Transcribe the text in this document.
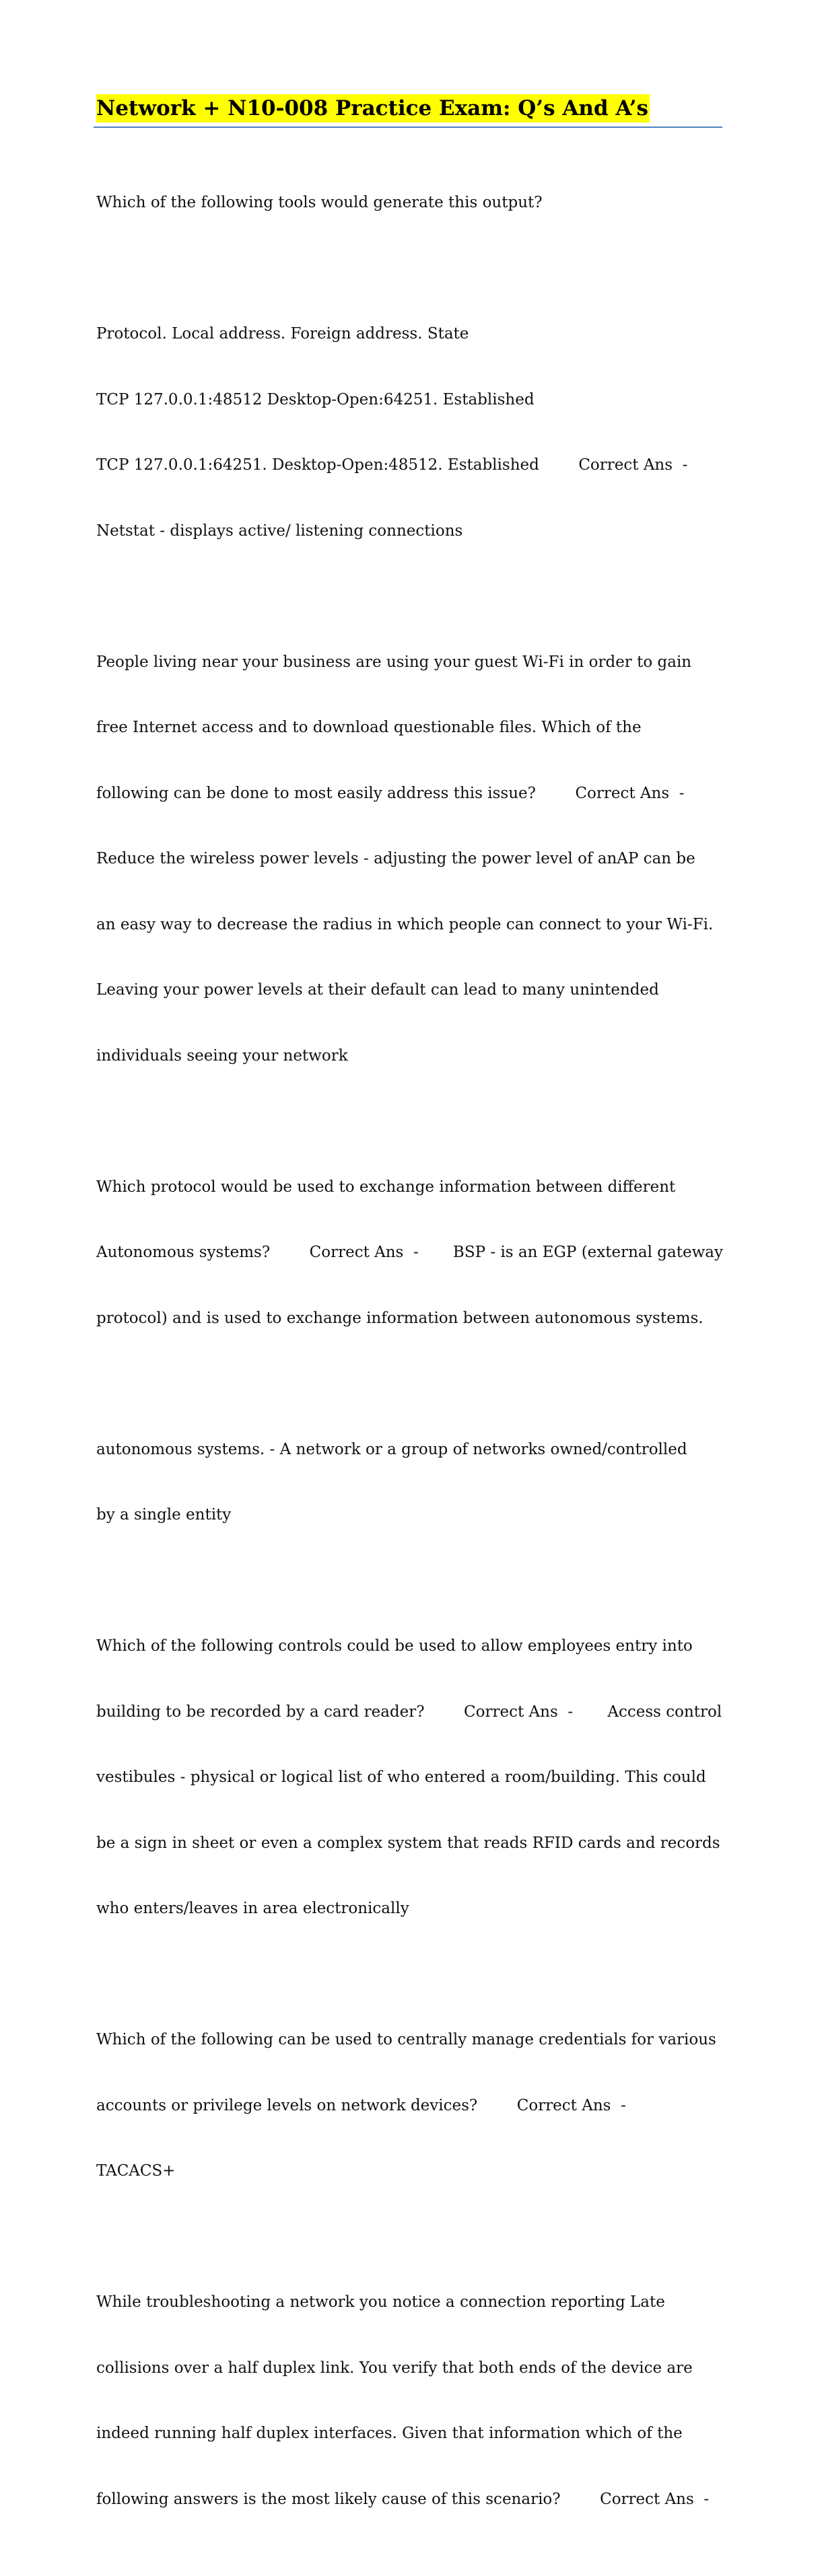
Network + N10-008 Practice Exam: Q’s And A’s

Which of the following tools would generate this output?

Protocol. Local address. Foreign address. State

TCP 127.0.0.1:48512 Desktop-Open:64251. Established

TCP 127.0.0.1:64251. Desktop-Open:48512. Established        Correct Ans  -

Netstat - displays active/ listening connections

People living near your business are using your guest Wi-Fi in order to gain

free Internet access and to download questionable files. Which of the

following can be done to most easily address this issue?        Correct Ans  -

Reduce the wireless power levels - adjusting the power level of anAP can be

an easy way to decrease the radius in which people can connect to your Wi-Fi.

Leaving your power levels at their default can lead to many unintended

individuals seeing your network

Which protocol would be used to exchange information between different

Autonomous systems?        Correct Ans  -       BSP - is an EGP (external gateway

protocol) and is used to exchange information between autonomous systems.

autonomous systems. - A network or a group of networks owned/controlled

by a single entity

Which of the following controls could be used to allow employees entry into

building to be recorded by a card reader?        Correct Ans  -       Access control

vestibules - physical or logical list of who entered a room/building. This could

be a sign in sheet or even a complex system that reads RFID cards and records

who enters/leaves in area electronically

Which of the following can be used to centrally manage credentials for various

accounts or privilege levels on network devices?        Correct Ans  -

TACACS+

While troubleshooting a network you notice a connection reporting Late

collisions over a half duplex link. You verify that both ends of the device are

indeed running half duplex interfaces. Given that information which of the

following answers is the most likely cause of this scenario?        Correct Ans  -
